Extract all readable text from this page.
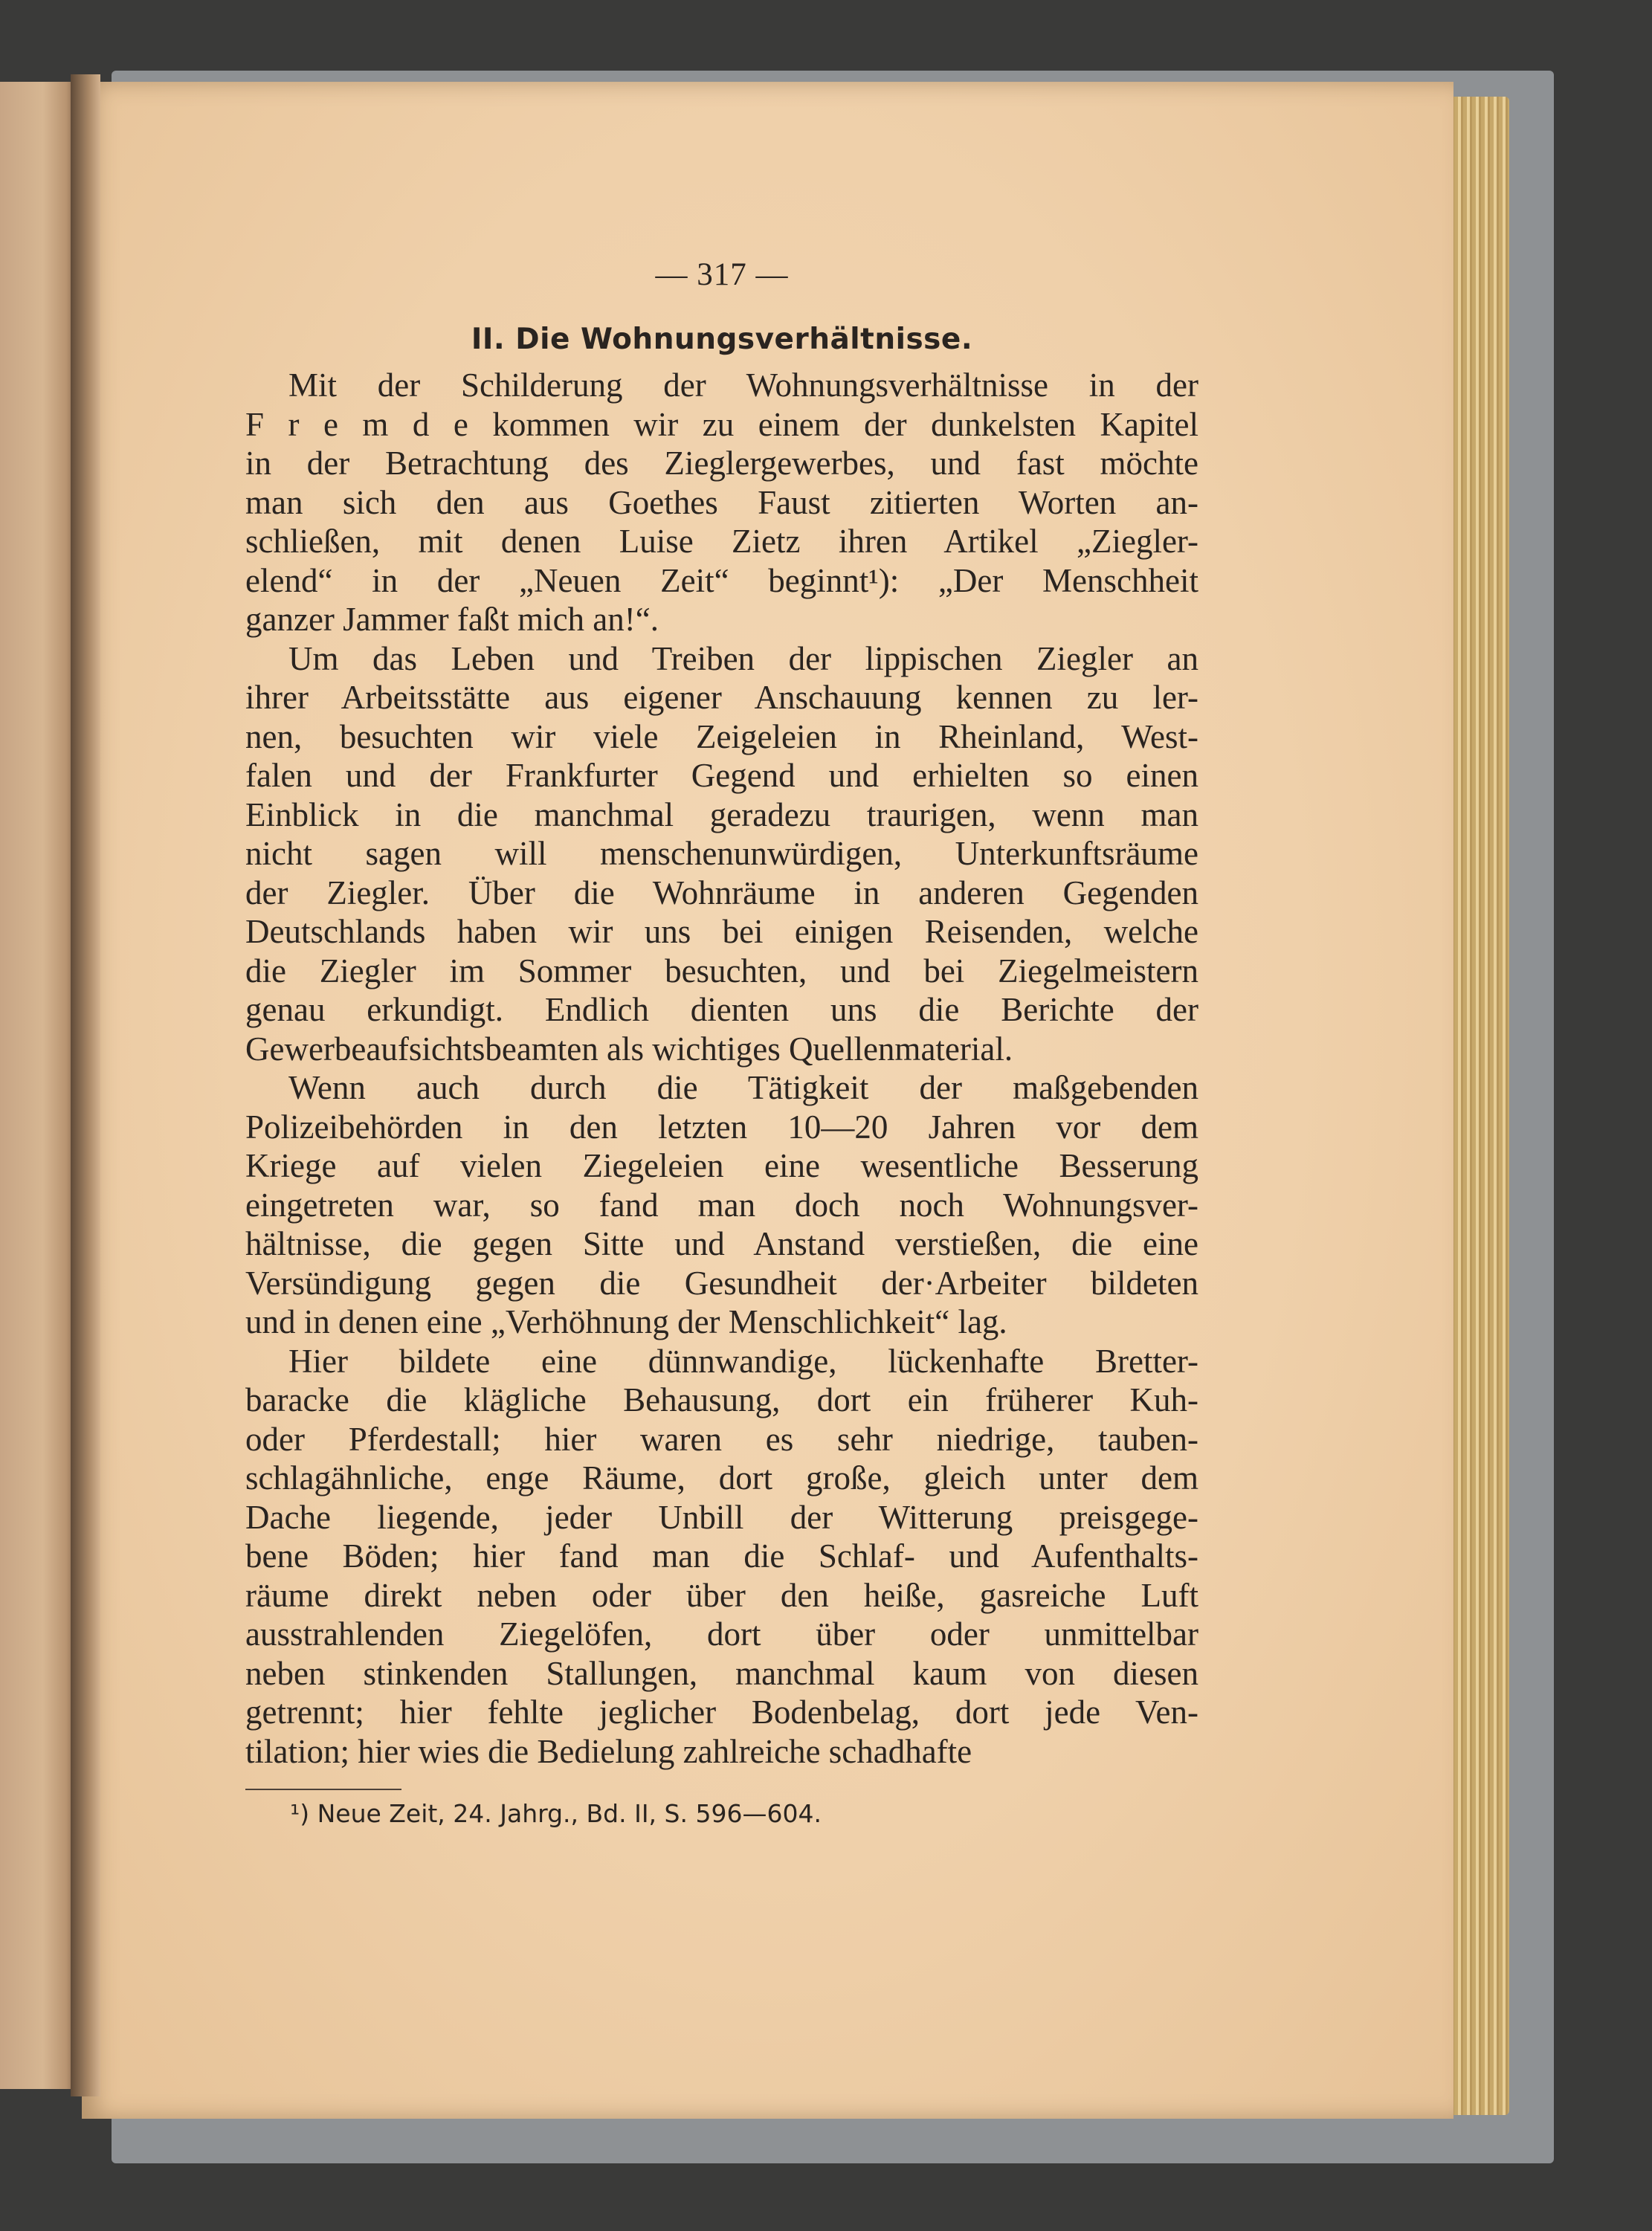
— 317 —
II. Die Wohnungsverhältnisse.
Mit der Schilderung der Wohnungsverhältnisse in der
F r e m d e kommen wir zu einem der dunkelsten Kapitel
in der Betrachtung des Zieglergewerbes, und fast möchte
man sich den aus Goethes Faust zitierten Worten an-
schließen, mit denen Luise Zietz ihren Artikel „Ziegler-
elend“ in der „Neuen Zeit“ beginnt¹): „Der Menschheit
ganzer Jammer faßt mich an!“.
Um das Leben und Treiben der lippischen Ziegler an
ihrer Arbeitsstätte aus eigener Anschauung kennen zu ler-
nen, besuchten wir viele Zeigeleien in Rheinland, West-
falen und der Frankfurter Gegend und erhielten so einen
Einblick in die manchmal geradezu traurigen, wenn man
nicht sagen will menschenunwürdigen, Unterkunftsräume
der Ziegler. Über die Wohnräume in anderen Gegenden
Deutschlands haben wir uns bei einigen Reisenden, welche
die Ziegler im Sommer besuchten, und bei Ziegelmeistern
genau erkundigt. Endlich dienten uns die Berichte der
Gewerbeaufsichtsbeamten als wichtiges Quellenmaterial.
Wenn auch durch die Tätigkeit der maßgebenden
Polizeibehörden in den letzten 10—20 Jahren vor dem
Kriege auf vielen Ziegeleien eine wesentliche Besserung
eingetreten war, so fand man doch noch Wohnungsver-
hältnisse, die gegen Sitte und Anstand verstießen, die eine
Versündigung gegen die Gesundheit der·Arbeiter bildeten
und in denen eine „Verhöhnung der Menschlichkeit“ lag.
Hier bildete eine dünnwandige, lückenhafte Bretter-
baracke die klägliche Behausung, dort ein früherer Kuh-
oder Pferdestall; hier waren es sehr niedrige, tauben-
schlagähnliche, enge Räume, dort große, gleich unter dem
Dache liegende, jeder Unbill der Witterung preisgege-
bene Böden; hier fand man die Schlaf- und Aufenthalts-
räume direkt neben oder über den heiße, gasreiche Luft
ausstrahlenden Ziegelöfen, dort über oder unmittelbar
neben stinkenden Stallungen, manchmal kaum von diesen
getrennt; hier fehlte jeglicher Bodenbelag, dort jede Ven-
tilation; hier wies die Bedielung zahlreiche schadhafte
¹) Neue Zeit, 24. Jahrg., Bd. II, S. 596—604.
